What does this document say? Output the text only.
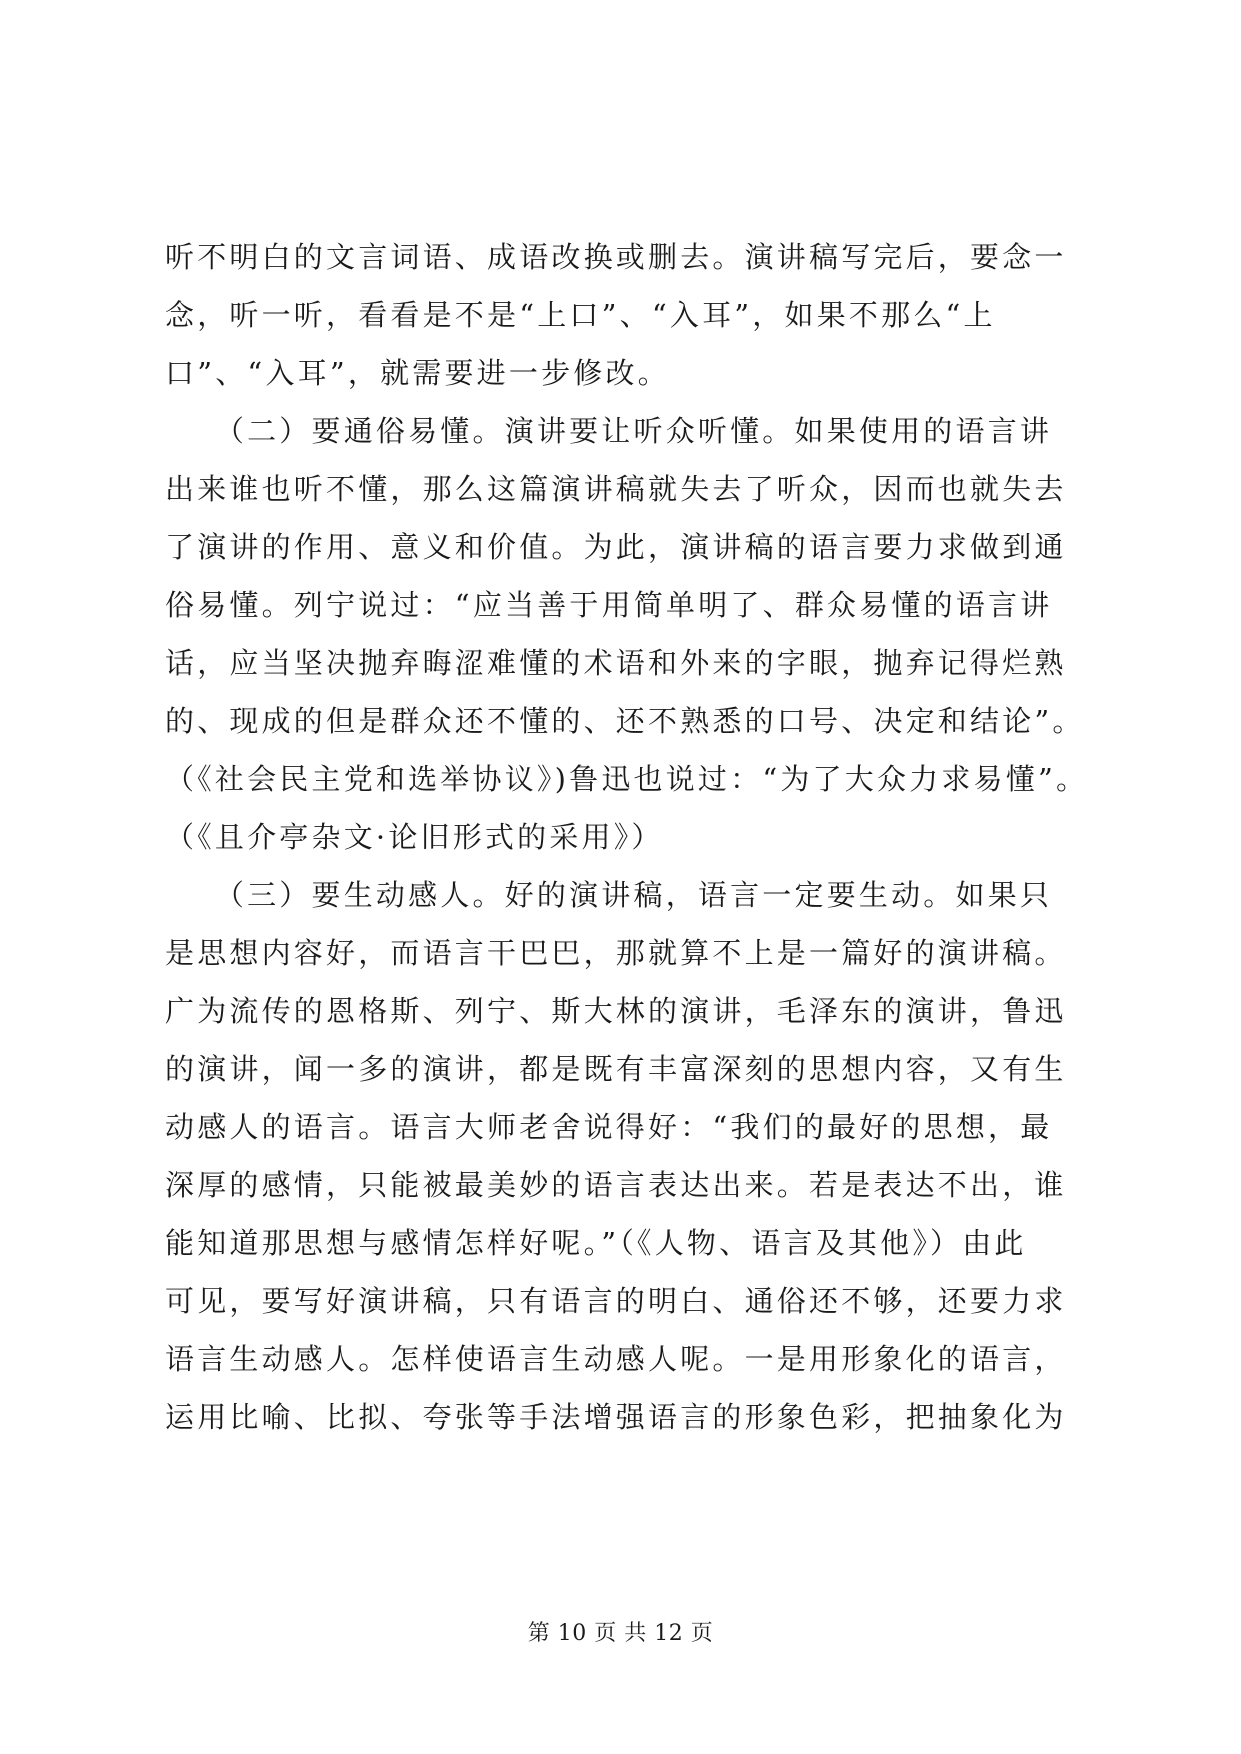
听不明白的文言词语、成语改换或删去。演讲稿写完后，要念一
念，听一听，看看是不是“上口”、“入耳”，如果不那么“上
口”、“入耳”，就需要进一步修改。
　　（二）要通俗易懂。演讲要让听众听懂。如果使用的语言讲
出来谁也听不懂，那么这篇演讲稿就失去了听众，因而也就失去
了演讲的作用、意义和价值。为此，演讲稿的语言要力求做到通
俗易懂。列宁说过：“应当善于用简单明了、群众易懂的语言讲
话，应当坚决抛弃晦涩难懂的术语和外来的字眼，抛弃记得烂熟
的、现成的但是群众还不懂的、还不熟悉的口号、决定和结论”。
（《社会民主党和选举协议》)鲁迅也说过：“为了大众力求易懂”。
（《且介亭杂文·论旧形式的采用》）
　　（三）要生动感人。好的演讲稿，语言一定要生动。如果只
是思想内容好，而语言干巴巴，那就算不上是一篇好的演讲稿。
广为流传的恩格斯、列宁、斯大林的演讲，毛泽东的演讲，鲁迅
的演讲，闻一多的演讲，都是既有丰富深刻的思想内容，又有生
动感人的语言。语言大师老舍说得好：“我们的最好的思想，最
深厚的感情，只能被最美妙的语言表达出来。若是表达不出，谁
能知道那思想与感情怎样好呢。”（《人物、语言及其他》）由此
可见，要写好演讲稿，只有语言的明白、通俗还不够，还要力求
语言生动感人。怎样使语言生动感人呢。一是用形象化的语言，
运用比喻、比拟、夸张等手法增强语言的形象色彩，把抽象化为
第 10 页 共 12 页
